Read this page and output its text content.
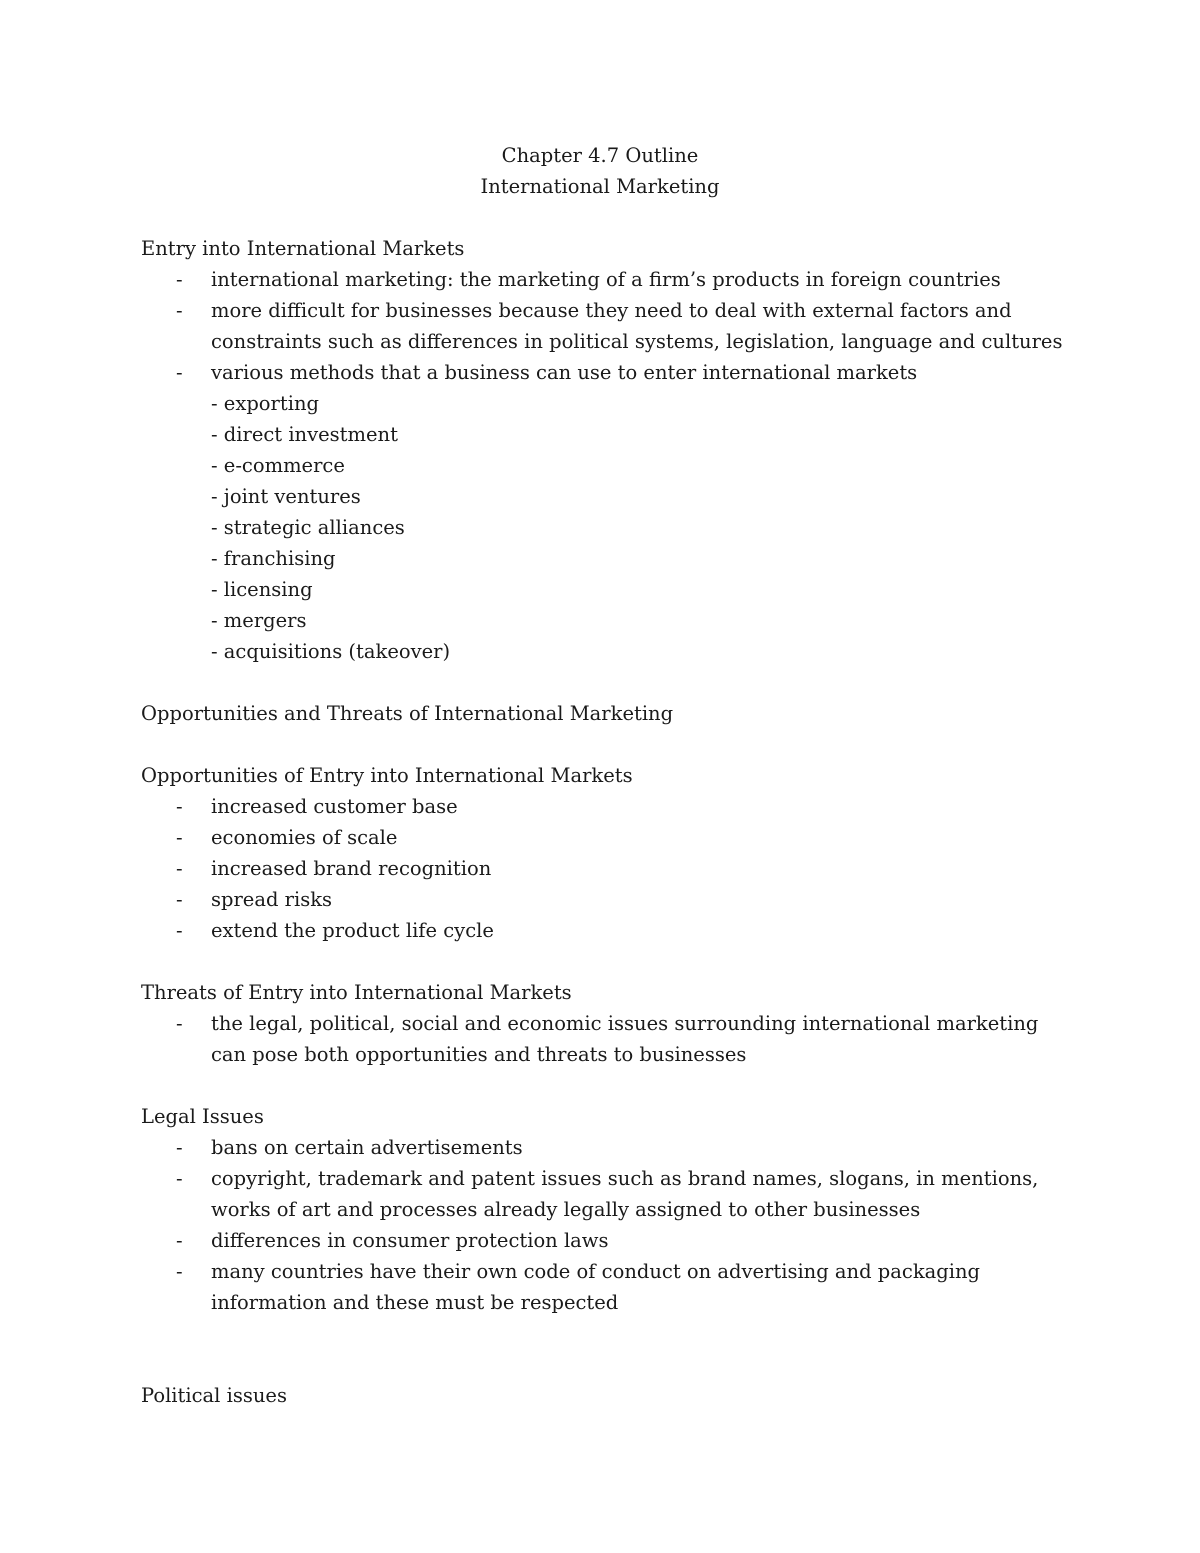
Chapter 4.7 Outline
International Marketing
Entry into International Markets
- international marketing: the marketing of a firm’s products in foreign countries
- more difficult for businesses because they need to deal with external factors and constraints such as differences in political systems, legislation, language and cultures
- various methods that a business can use to enter international markets
- exporting
- direct investment
- e-commerce
- joint ventures
- strategic alliances
- franchising
- licensing
- mergers
- acquisitions (takeover)
Opportunities and Threats of International Marketing
Opportunities of Entry into International Markets
- increased customer base
- economies of scale
- increased brand recognition
- spread risks
- extend the product life cycle
Threats of Entry into International Markets
- the legal, political, social and economic issues surrounding international marketing can pose both opportunities and threats to businesses
Legal Issues
- bans on certain advertisements
- copyright, trademark and patent issues such as brand names, slogans, in mentions, works of art and processes already legally assigned to other businesses
- differences in consumer protection laws
- many countries have their own code of conduct on advertising and packaging information and these must be respected
Political issues
